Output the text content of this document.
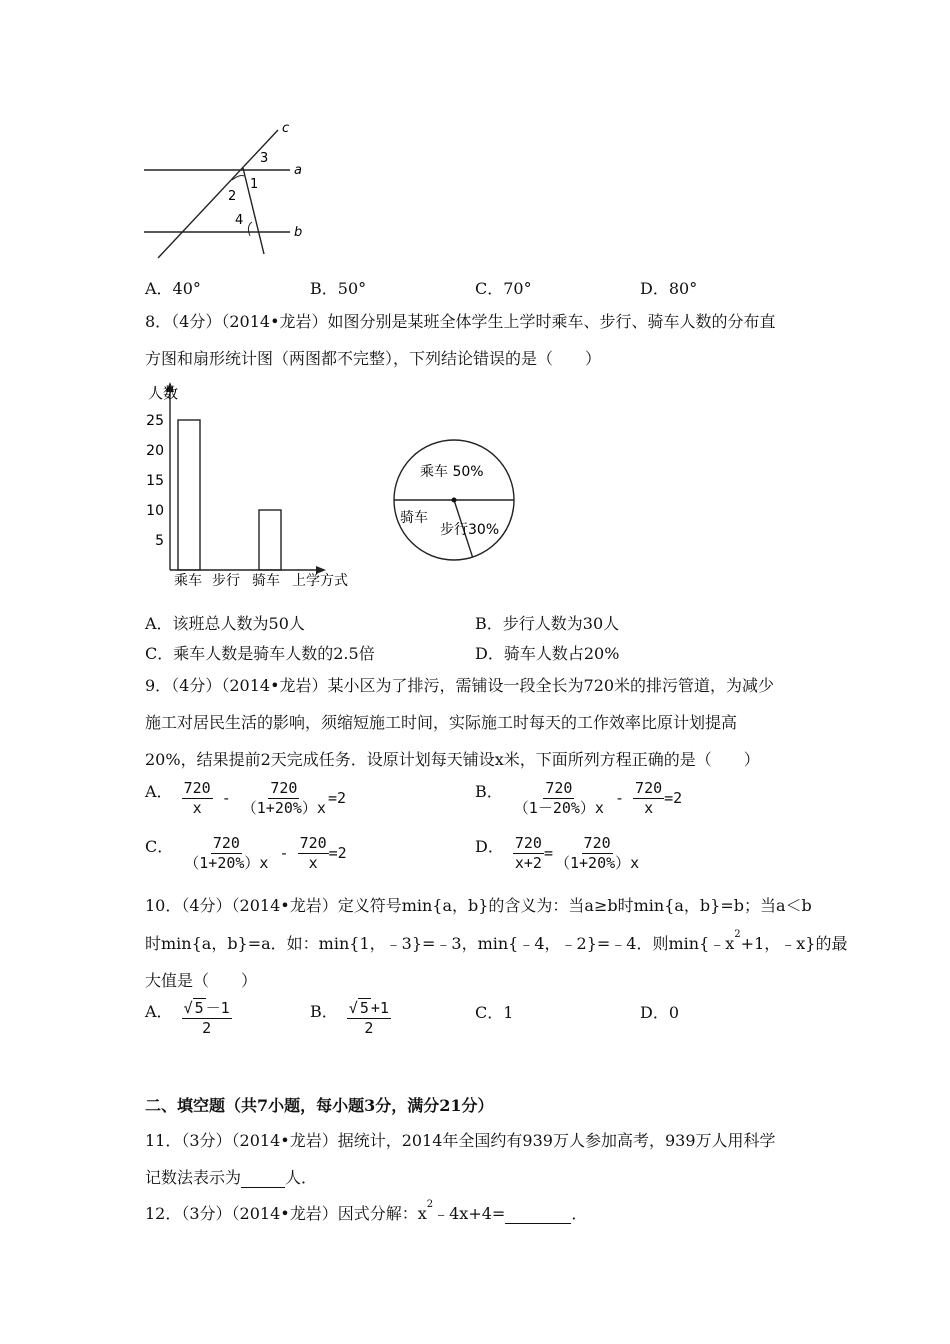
c
a
b
3
1
2
4
A．40°	B．50°	C．70°	D．80°
8．（4分）（2014•龙岩）如图分别是某班全体学生上学时乘车、步行、骑车人数的分布直
方图和扇形统计图（两图都不完整），下列结论错误的是（　　）
人数
上学方式
5
10
15
20
25
乘车 步行 骑车
乘车 50%
骑车
步行30%
A．该班总人数为50人	B．步行人数为30人
C．乘车人数是骑车人数的2.5倍	D．骑车人数占20%
9．（4分）（2014•龙岩）某小区为了排污，需铺设一段全长为720米的排污管道，为减少
施工对居民生活的影响，须缩短施工时间，实际施工时每天的工作效率比原计划提高
20%，结果提前2天完成任务．设原计划每天铺设x米，下面所列方程正确的是（　　）
A． $\frac{720}{x} - \frac{720}{(1+20\%)x} =2$	B． $\frac{720}{(1-20\%)x} - \frac{720}{x} =2$
C． $\frac{720}{(1+20\%)x} - \frac{720}{x} =2$	D． $\frac{720}{x+2} = \frac{720}{(1+20\%)x}$
10．（4分）（2014•龙岩）定义符号min{a，b}的含义为：当a≥b时min{a，b}=b；当a＜b
时min{a，b}=a．如：min{1，﹣3}=﹣3，min{﹣4，﹣2}=﹣4．则$\min\{﹣x^2+1$，﹣x}的最
大值是（　　）
A． $\frac{√ 5 -1}{2}$	B． $\frac{√ 5 +1}{2}$	C．1	D．0
二、填空题（共7小题，每小题3分，满分21分）
11．（3分）（2014•龙岩）据统计，2014年全国约有939万人参加高考，939万人用科学
记数法表示为	人．
12．（3分）（2014•龙岩）因式分解：$x^2﹣4x+4=$	．
